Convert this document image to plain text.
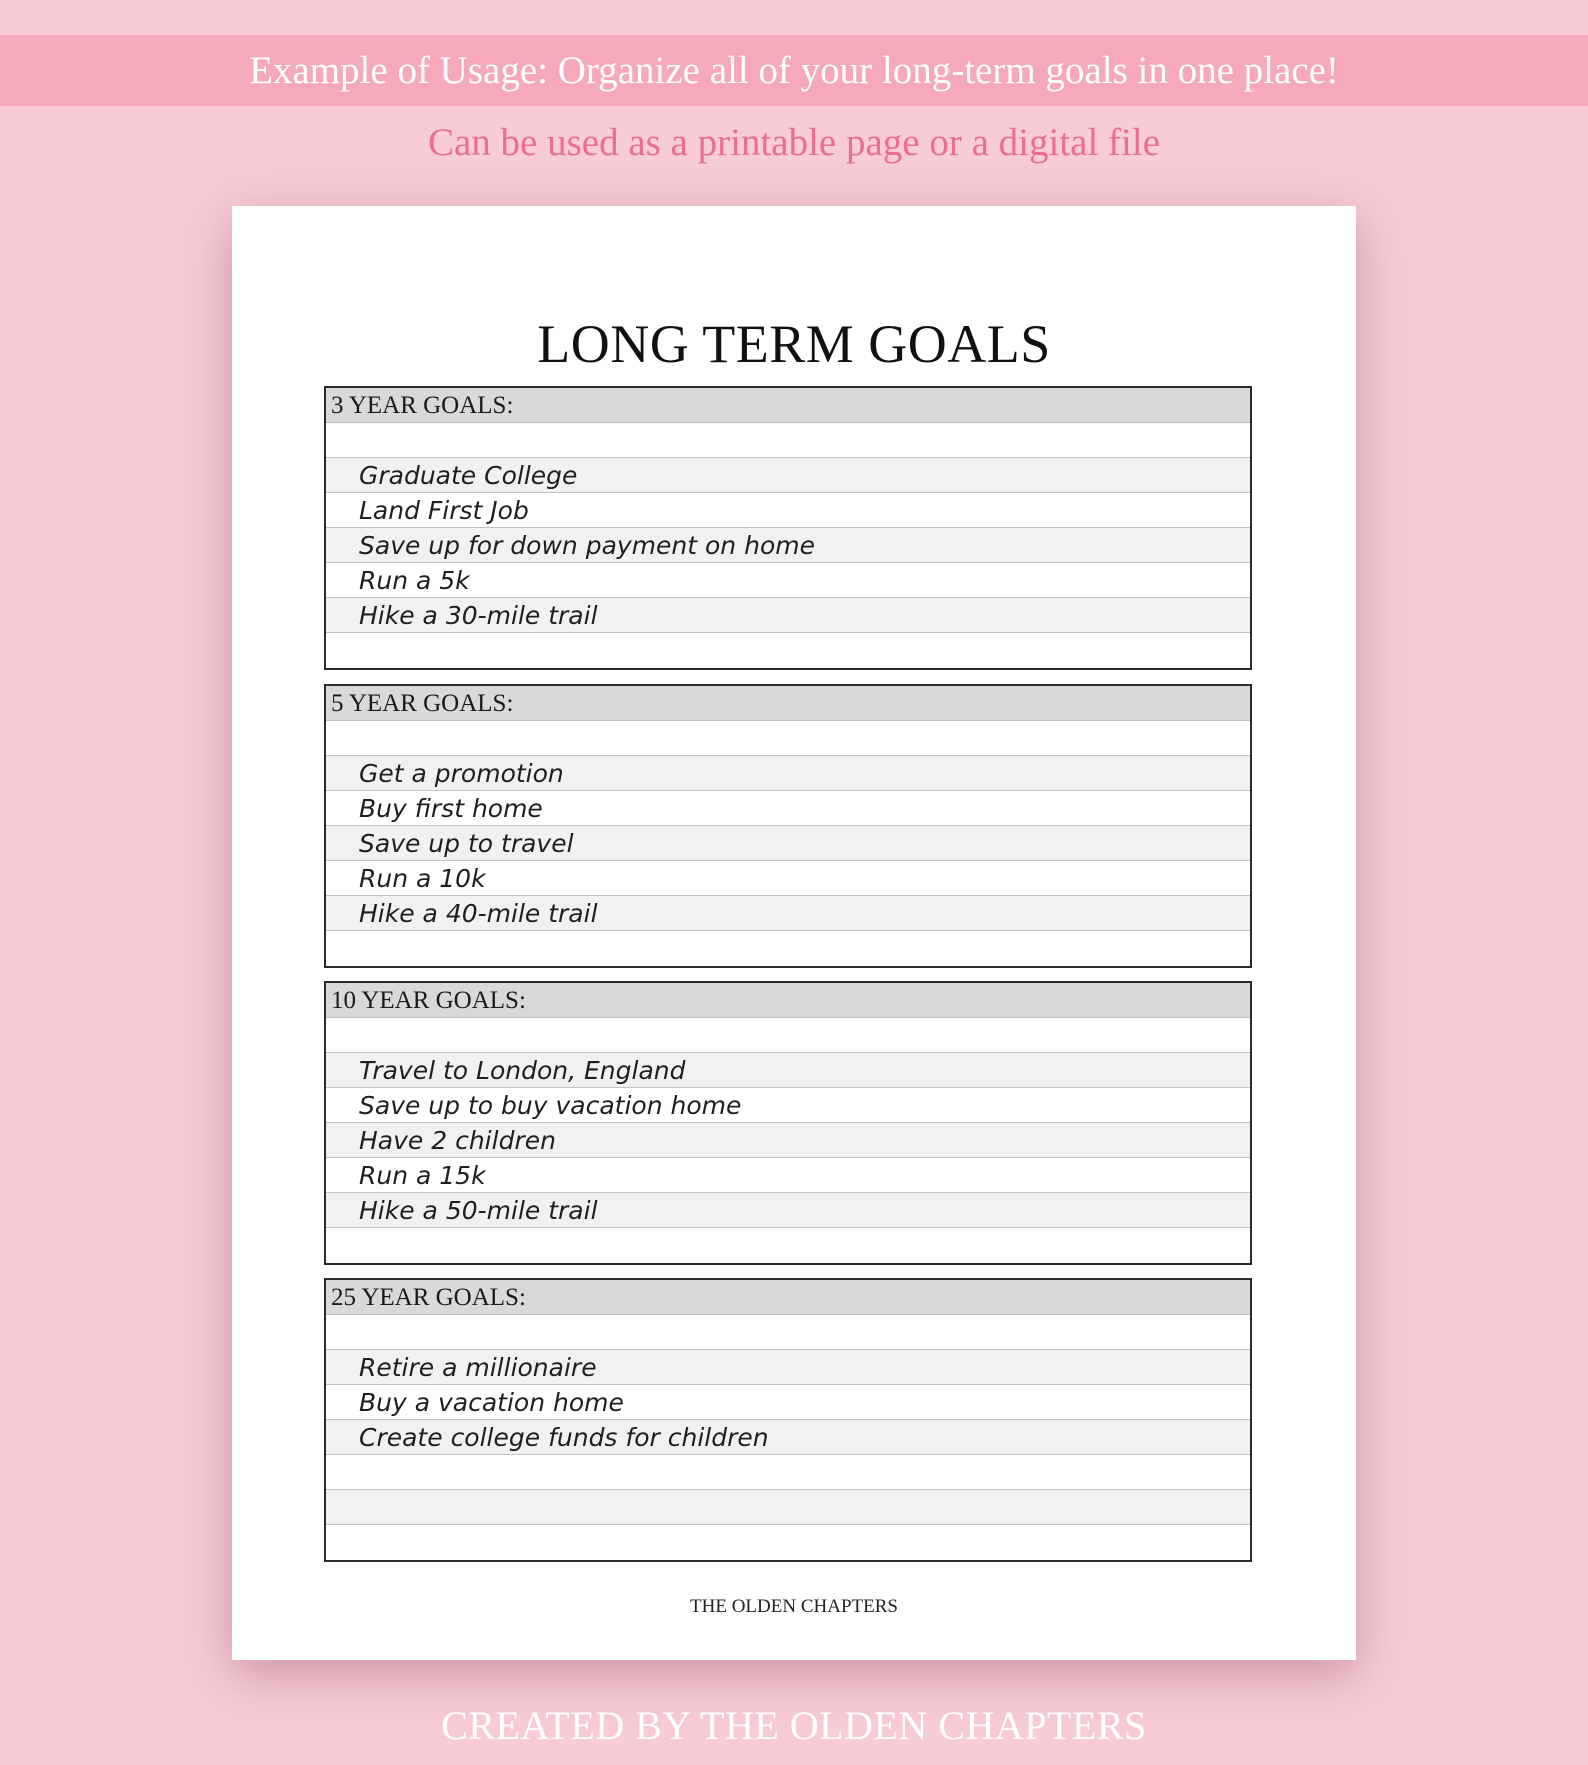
Example of Usage: Organize all of your long-term goals in one place!
Can be used as a printable page or a digital file
LONG TERM GOALS
3 YEAR GOALS:
Graduate College
Land First Job
Save up for down payment on home
Run a 5k
Hike a 30-mile trail
5 YEAR GOALS:
Get a promotion
Buy first home
Save up to travel
Run a 10k
Hike a 40-mile trail
10 YEAR GOALS:
Travel to London, England
Save up to buy vacation home
Have 2 children
Run a 15k
Hike a 50-mile trail
25 YEAR GOALS:
Retire a millionaire
Buy a vacation home
Create college funds for children
THE OLDEN CHAPTERS
CREATED BY THE OLDEN CHAPTERS
